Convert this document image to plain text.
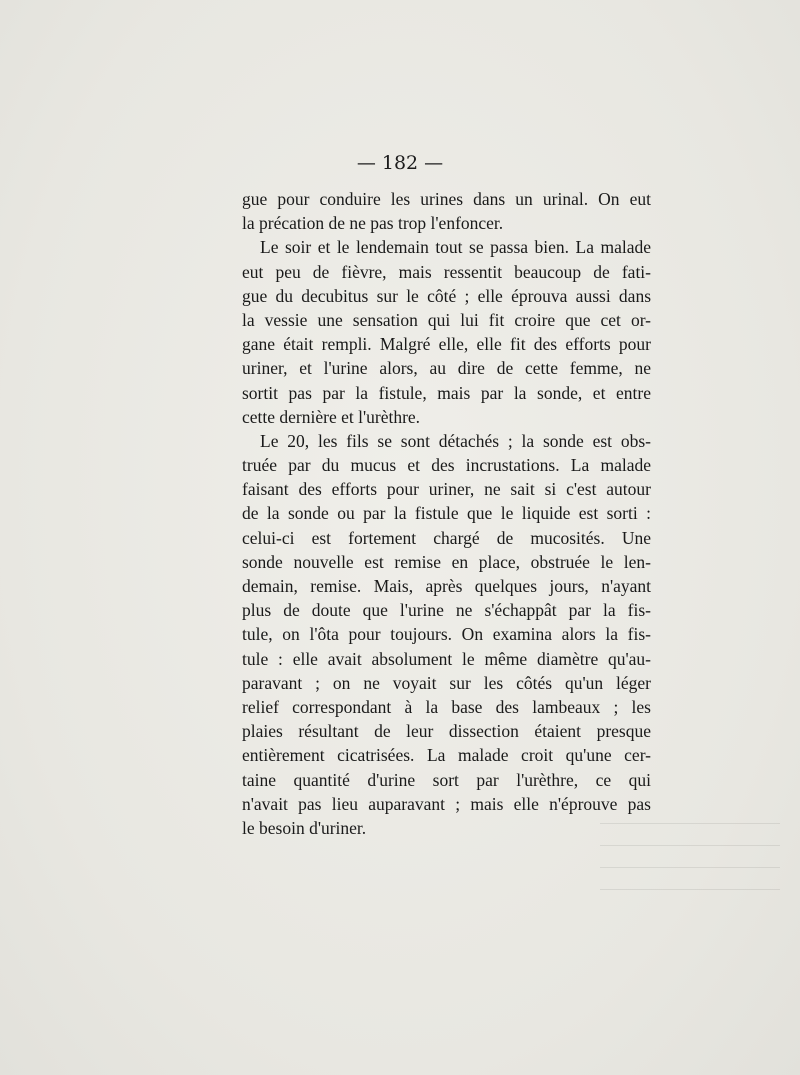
— 182 —
gue pour conduire les urines dans un urinal. On eut
la précation de ne pas trop l'enfoncer.
Le soir et le lendemain tout se passa bien. La malade
eut peu de fièvre, mais ressentit beaucoup de fati-
gue du decubitus sur le côté ; elle éprouva aussi dans
la vessie une sensation qui lui fit croire que cet or-
gane était rempli. Malgré elle, elle fit des efforts pour
uriner, et l'urine alors, au dire de cette femme, ne
sortit pas par la fistule, mais par la sonde, et entre
cette dernière et l'urèthre.
Le 20, les fils se sont détachés ; la sonde est obs-
truée par du mucus et des incrustations. La malade
faisant des efforts pour uriner, ne sait si c'est autour
de la sonde ou par la fistule que le liquide est sorti :
celui-ci est fortement chargé de mucosités. Une
sonde nouvelle est remise en place, obstruée le len-
demain, remise. Mais, après quelques jours, n'ayant
plus de doute que l'urine ne s'échappât par la fis-
tule, on l'ôta pour toujours. On examina alors la fis-
tule : elle avait absolument le même diamètre qu'au-
paravant ; on ne voyait sur les côtés qu'un léger
relief correspondant à la base des lambeaux ; les
plaies résultant de leur dissection étaient presque
entièrement cicatrisées. La malade croit qu'une cer-
taine quantité d'urine sort par l'urèthre, ce qui
n'avait pas lieu auparavant ; mais elle n'éprouve pas
le besoin d'uriner.
